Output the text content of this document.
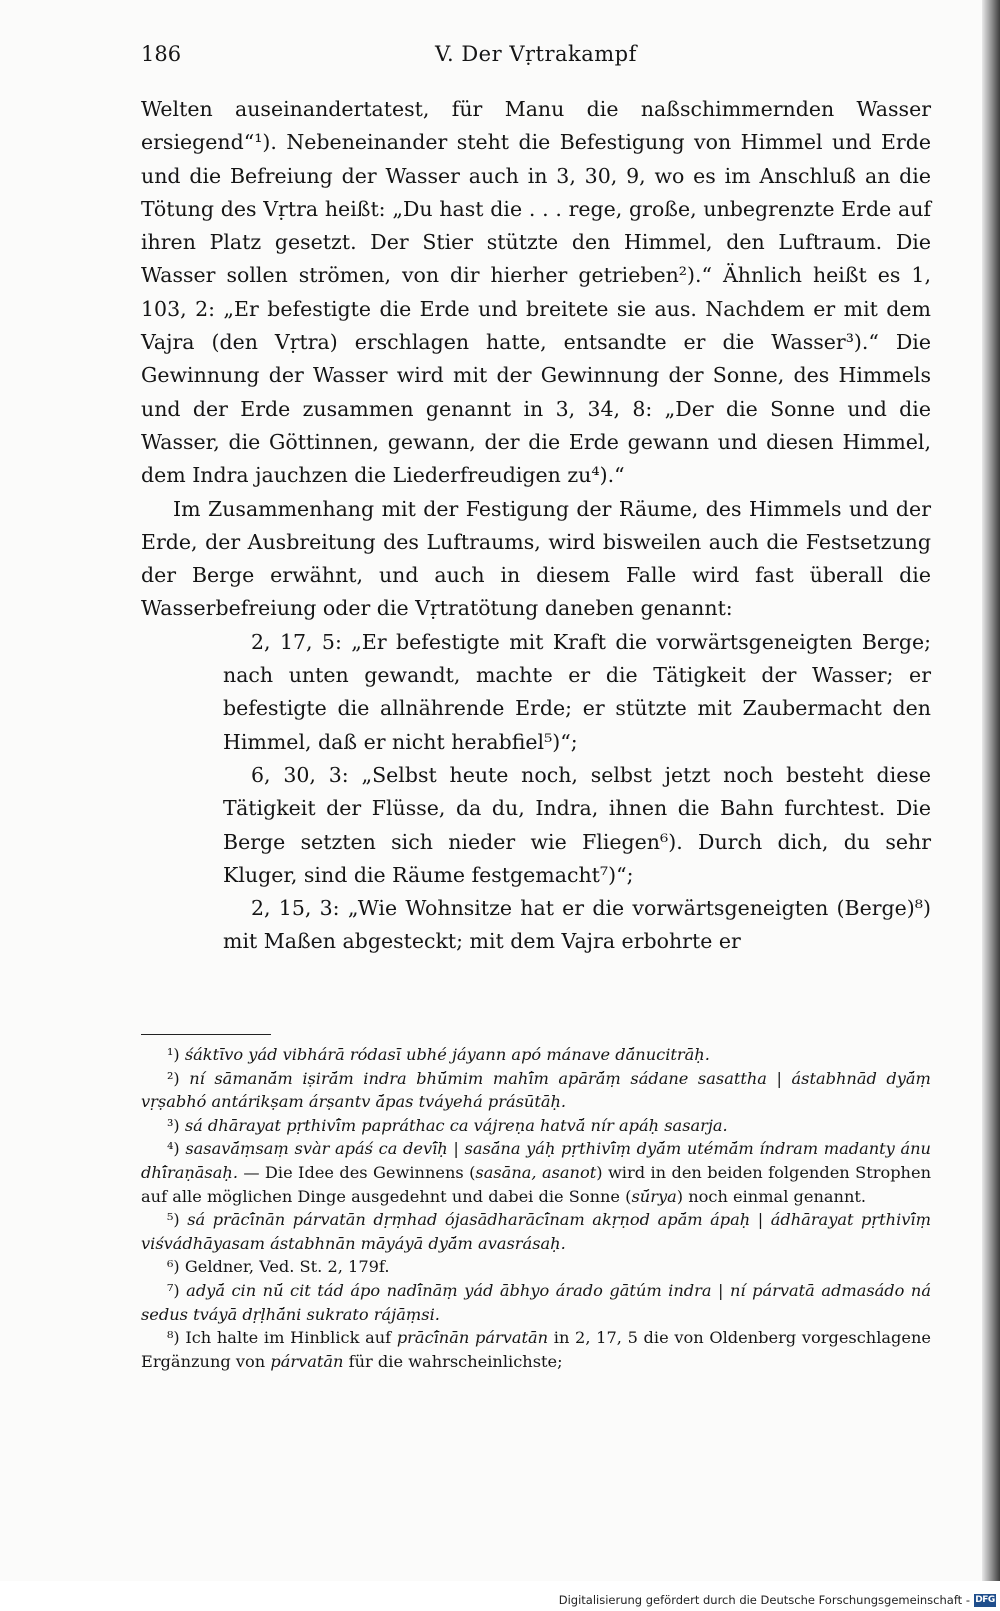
186	V. Der Vṛtrakampf

Welten auseinandertatest, für Manu die naßschimmernden Wasser ersiegend“¹). Nebeneinander steht die Befestigung von Himmel und Erde und die Befreiung der Wasser auch in 3, 30, 9, wo es im Anschluß an die Tötung des Vṛtra heißt: „Du hast die . . . rege, große, unbegrenzte Erde auf ihren Platz gesetzt. Der Stier stützte den Himmel, den Luftraum. Die Wasser sollen strömen, von dir hierher getrieben²).“ Ähnlich heißt es 1, 103, 2: „Er befestigte die Erde und breitete sie aus. Nachdem er mit dem Vajra (den Vṛtra) erschlagen hatte, entsandte er die Wasser³).“ Die Gewinnung der Wasser wird mit der Gewinnung der Sonne, des Himmels und der Erde zusammen genannt in 3, 34, 8: „Der die Sonne und die Wasser, die Göttinnen, gewann, der die Erde gewann und diesen Himmel, dem Indra jauchzen die Liederfreudigen zu⁴).“

Im Zusammenhang mit der Festigung der Räume, des Himmels und der Erde, der Ausbreitung des Luftraums, wird bisweilen auch die Festsetzung der Berge erwähnt, und auch in diesem Falle wird fast überall die Wasserbefreiung oder die Vṛtratötung daneben genannt:

2, 17, 5: „Er befestigte mit Kraft die vorwärtsgeneigten Berge; nach unten gewandt, machte er die Tätigkeit der Wasser; er befestigte die allnährende Erde; er stützte mit Zaubermacht den Himmel, daß er nicht herabfiel⁵)“;

6, 30, 3: „Selbst heute noch, selbst jetzt noch besteht diese Tätigkeit der Flüsse, da du, Indra, ihnen die Bahn furchtest. Die Berge setzten sich nieder wie Fliegen⁶). Durch dich, du sehr Kluger, sind die Räume festgemacht⁷)“;

2, 15, 3: „Wie Wohnsitze hat er die vorwärtsgeneigten (Berge)⁸) mit Maßen abgesteckt; mit dem Vajra erbohrte er

¹) śáktīvo yád vibhárā ródasī ubhé jáyann apó mánave dā́nucitrāḥ.

²) ní sāmanā́m iṣirā́m indra bhū́mim mahī́m apārā́ṃ sádane sasattha | ástabhnād dyā́ṃ vṛṣabhó antárikṣam árṣantv ā́pas tváyehá prásūtāḥ.

³) sá dhārayat pṛthivī́m papráthac ca vájreṇa hatvā́ nír apáḥ sasarja.

⁴) sasavā́ṃsaṃ svàr apáś ca devī́ḥ | sasā́na yáḥ pṛthivī́ṃ dyā́m utémā́m índram madanty ánu dhī́raṇāsaḥ. — Die Idee des Gewinnens (sasāna, asanot) wird in den beiden folgenden Strophen auf alle möglichen Dinge ausgedehnt und dabei die Sonne (sū́rya) noch einmal genannt.

⁵) sá prācī́nān párvatān dṛṃhad ójasādharācī́nam akṛṇod apā́m ápaḥ | ádhārayat pṛthivī́ṃ viśvádhāyasam ástabhnān māyáyā dyā́m avasrásaḥ.

⁶) Geldner, Ved. St. 2, 179f.

⁷) adyā́ cin nū́ cit tád ápo nadī́nāṃ yád ābhyo árado gātúm indra | ní párvatā admasádo ná sedus tváyā dṛḷhā́ni sukrato rájāṃsi.

⁸) Ich halte im Hinblick auf prācī́nān párvatān in 2, 17, 5 die von Oldenberg vorgeschlagene Ergänzung von párvatān für die wahrscheinlichste;

Digitalisierung gefördert durch die Deutsche Forschungsgemeinschaft - DFG
